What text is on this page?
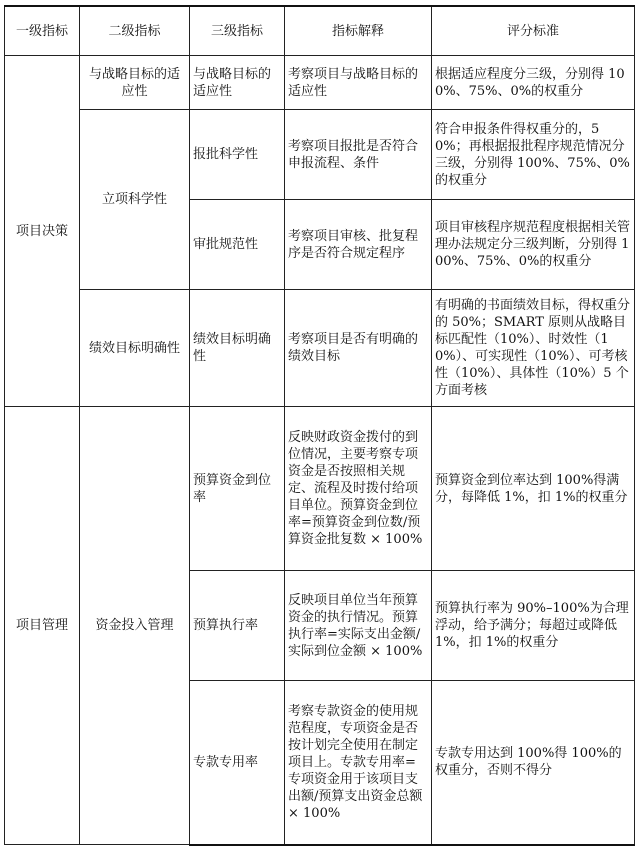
一级指标	二级指标	三级指标	指标解释	评分标准
项目决策	与战略目标的适应性	与战略目标的适应性	考察项目与战略目标的适应性	根据适应程度分三级，分别得 100%、75%、0%的权重分
	立项科学性	报批科学性	考察项目报批是否符合申报流程、条件	符合申报条件得权重分的，50%；再根据报批程序规范情况分三级，分别得 100%、75%、0%的权重分
		审批规范性	考察项目审核、批复程序是否符合规定程序	项目审核程序规范程度根据相关管理办法规定分三级判断，分别得 100%、75%、0%的权重分
	绩效目标明确性	绩效目标明确性	考察项目是否有明确的绩效目标	有明确的书面绩效目标，得权重分的 50%；SMART 原则从战略目标匹配性（10%）、时效性（10%）、可实现性（10%）、可考核性（10%）、具体性（10%）5 个方面考核
项目管理	资金投入管理	预算资金到位率	反映财政资金拨付的到位情况，主要考察专项资金是否按照相关规定、流程及时拨付给项目单位。预算资金到位率=预算资金到位数/预算资金批复数 × 100%	预算资金到位率达到 100%得满分，每降低 1%，扣 1%的权重分
		预算执行率	反映项目单位当年预算资金的执行情况。预算执行率=实际支出金额/实际到位金额 × 100%	预算执行率为 90%–100%为合理浮动，给予满分；每超过或降低 1%，扣 1%的权重分
		专款专用率	考察专款资金的使用规范程度，专项资金是否按计划完全使用在制定项目上。专款专用率=专项资金用于该项目支出额/预算支出资金总额 × 100%	专款专用达到 100%得 100%的权重分，否则不得分
